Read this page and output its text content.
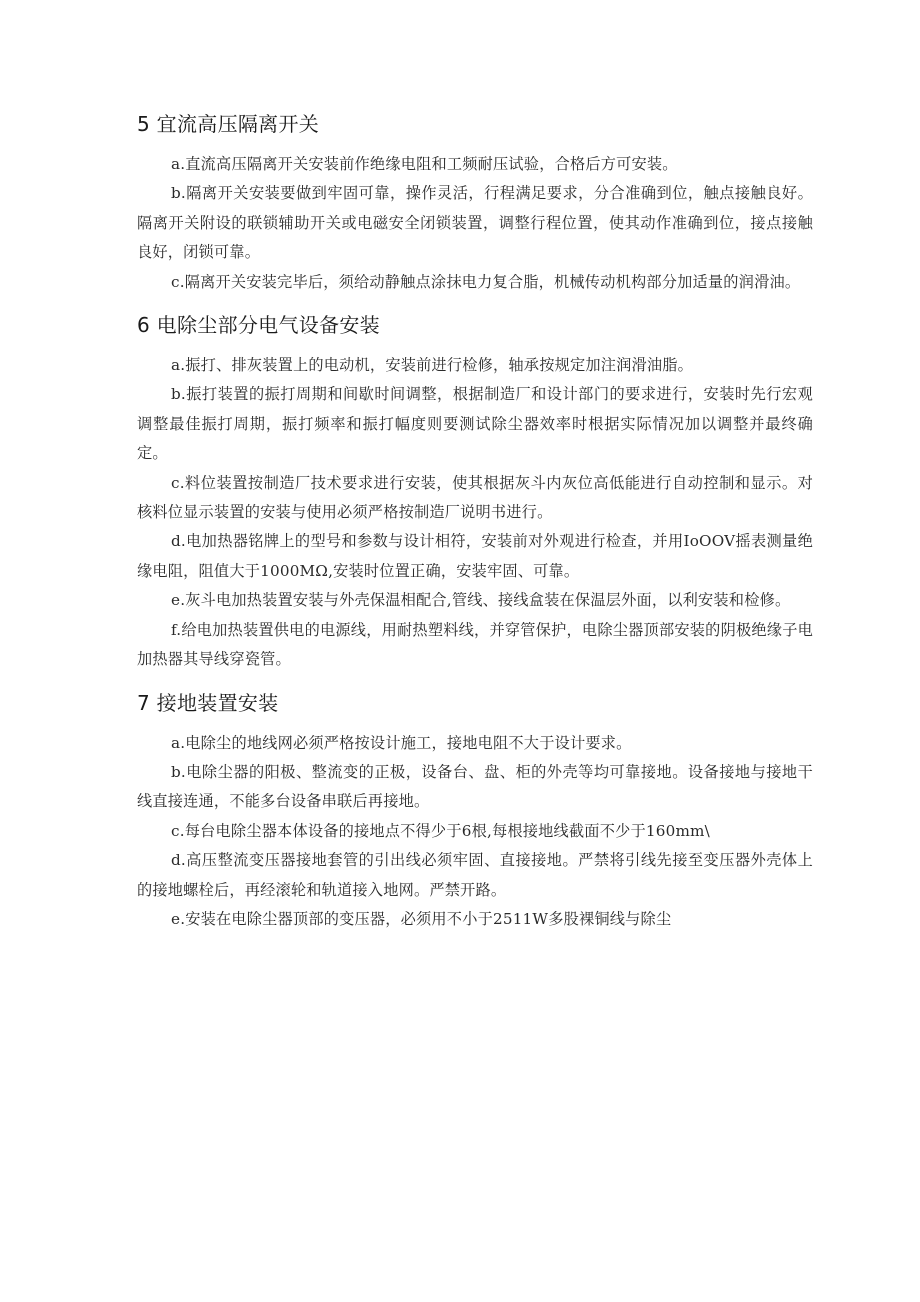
5 宜流高压隔离开关

a.直流高压隔离开关安装前作绝缘电阻和工频耐压试验，合格后方可安装。

b.隔离开关安装要做到牢固可靠，操作灵活，行程满足要求，分合准确到位，触点接触良好。隔离开关附设的联锁辅助开关或电磁安全闭锁装置，调整行程位置，使其动作准确到位，接点接触良好，闭锁可靠。

c.隔离开关安装完毕后，须给动静触点涂抹电力复合脂，机械传动机构部分加适量的润滑油。

6 电除尘部分电气设备安装

a.振打、排灰装置上的电动机，安装前进行检修，轴承按规定加注润滑油脂。

b.振打装置的振打周期和间歇时间调整，根据制造厂和设计部门的要求进行，安装时先行宏观调整最佳振打周期，振打频率和振打幅度则要测试除尘器效率时根据实际情况加以调整并最终确定。

c.料位装置按制造厂技术要求进行安装，使其根据灰斗内灰位高低能进行自动控制和显示。对核料位显示装置的安装与使用必须严格按制造厂说明书进行。

d.电加热器铭牌上的型号和参数与设计相符，安装前对外观进行检查，并用IoOOV摇表测量绝缘电阻，阻值大于1000MΩ,安装时位置正确，安装牢固、可靠。

e.灰斗电加热装置安装与外壳保温相配合,管线、接线盒装在保温层外面，以利安装和检修。

f.给电加热装置供电的电源线，用耐热塑料线，并穿管保护，电除尘器顶部安装的阴极绝缘子电加热器其导线穿瓷管。

7 接地装置安装

a.电除尘的地线网必须严格按设计施工，接地电阻不大于设计要求。

b.电除尘器的阳极、整流变的正极，设备台、盘、柜的外壳等均可靠接地。设备接地与接地干线直接连通，不能多台设备串联后再接地。

c.每台电除尘器本体设备的接地点不得少于6根,每根接地线截面不少于160mm\

d.高压整流变压器接地套管的引出线必须牢固、直接接地。严禁将引线先接至变压器外壳体上的接地螺栓后，再经滚轮和轨道接入地网。严禁开路。

e.安装在电除尘器顶部的变压器，必须用不小于2511W多股裸铜线与除尘
